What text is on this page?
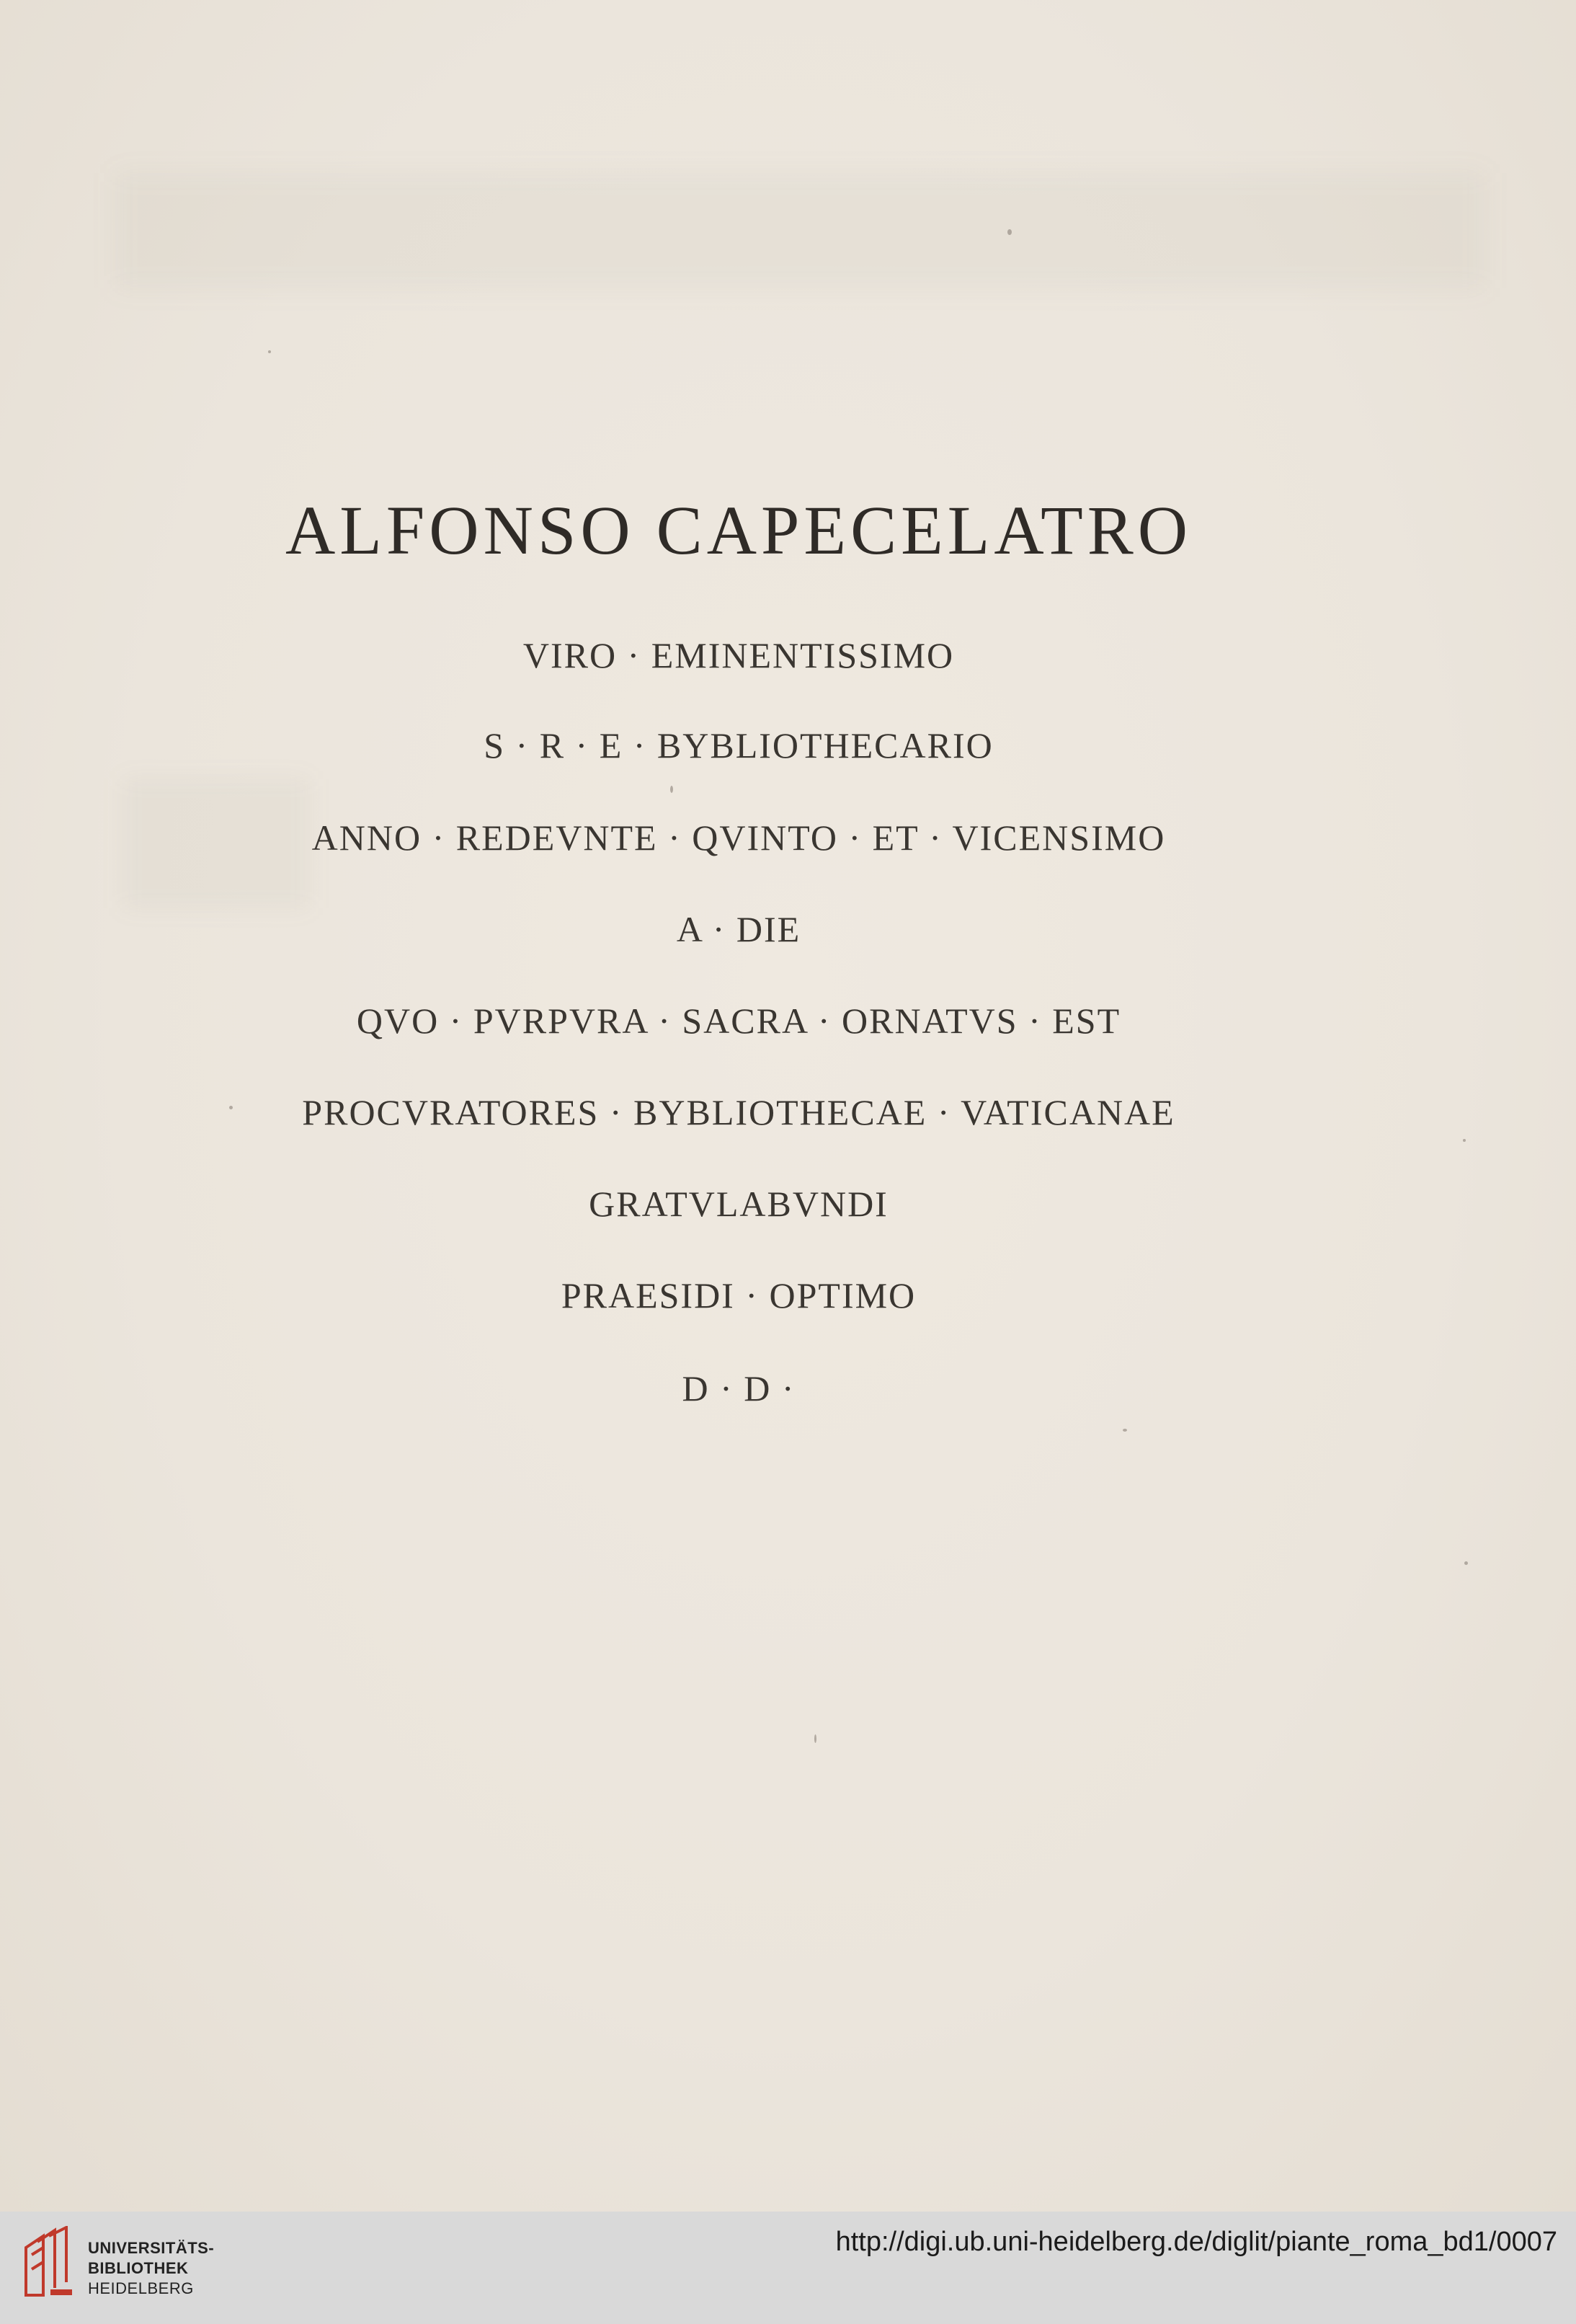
ALFONSO CAPECELATRO
VIRO · EMINENTISSIMO
S · R · E · BYBLIOTHECARIO
ANNO · REDEVNTE · QVINTO · ET · VICENSIMO
A · DIE
QVO · PVRPVRA · SACRA · ORNATVS · EST
PROCVRATORES · BYBLIOTHECAE · VATICANAE
GRATVLABVNDI
PRAESIDI · OPTIMO
D · D ·
UNIVERSITÄTS-
BIBLIOTHEK
HEIDELBERG
http://digi.ub.uni-heidelberg.de/diglit/piante_roma_bd1/0007
